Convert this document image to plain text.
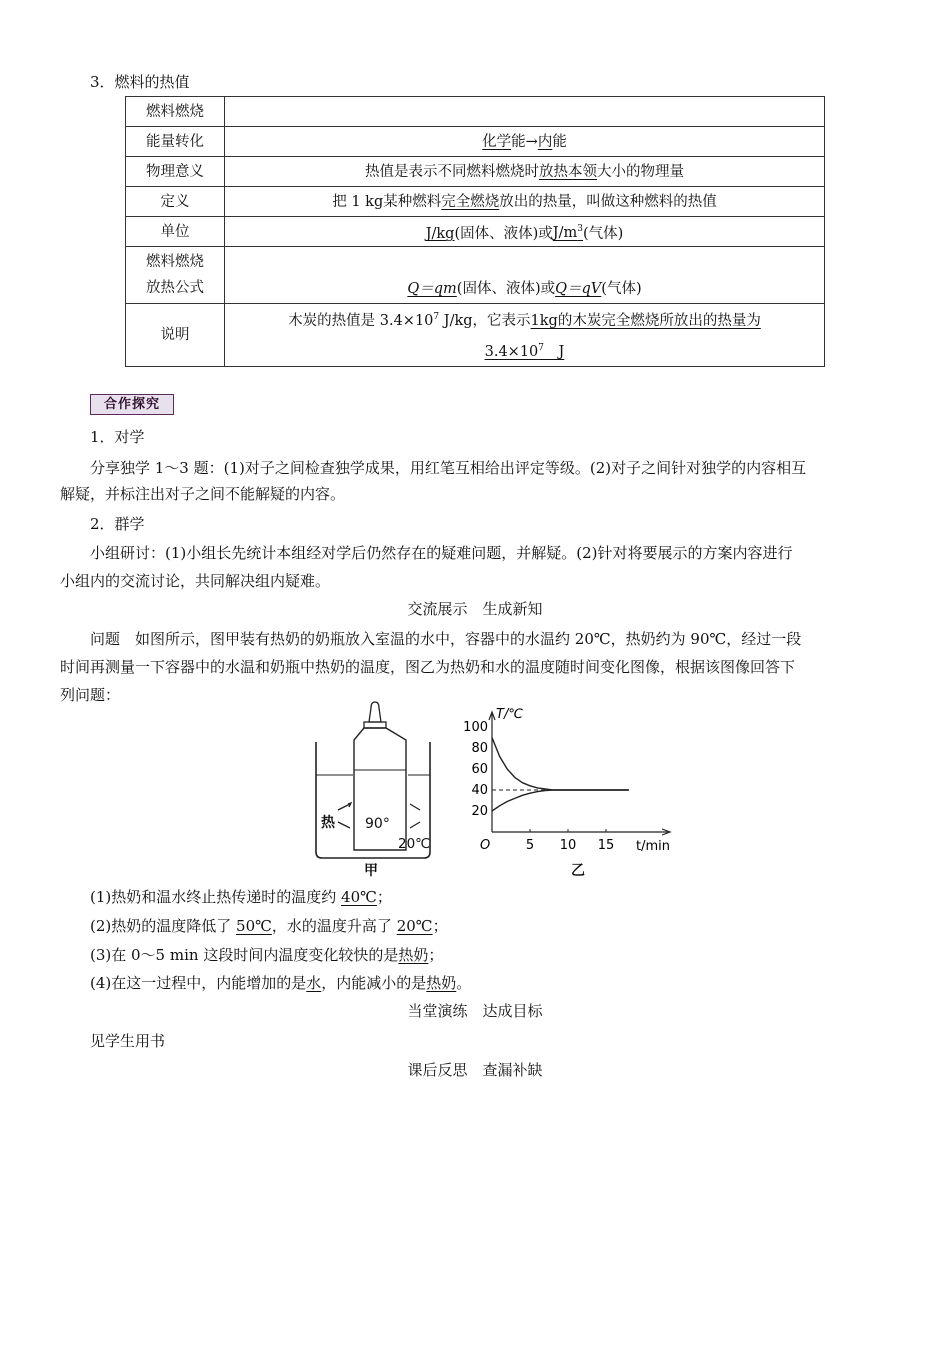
3．燃料的热值
燃料燃烧	
能量转化	化学能→内能
物理意义	热值是表示不同燃料燃烧时放热本领大小的物理量
定义	把 1 kg某种燃料完全燃烧放出的热量，叫做这种燃料的热值
单位	J/kg(固体、液体)或$J/m^3$(气体)

燃料燃烧
放热公式	Q＝qm(固体、液体)或Q＝qV(气体)
说明	木炭的热值是 $3.4\times 10^7$ J/kg，它表示1kg的木炭完全燃烧所放出的热量为
$3.4\times 10^7$　J
合作探究
1．对学
分享独学 1～3 题：(1)对子之间检查独学成果，用红笔互相给出评定等级。(2)对子之间针对独学的内容相互
解疑，并标注出对子之间不能解疑的内容。
2．群学
小组研讨：(1)小组长先统计本组经对学后仍然存在的疑难问题，并解疑。(2)针对将要展示的方案内容进行
小组内的交流讨论，共同解决组内疑难。
交流展示　生成新知
问题　如图所示，图甲装有热奶的奶瓶放入室温的水中，容器中的水温约 20℃，热奶约为 90℃，经过一段
时间再测量一下容器中的水温和奶瓶中热奶的温度，图乙为热奶和水的温度随时间变化图像，根据该图像回答下
列问题：
热 90°
20℃
甲
T/℃
t/min
O
100
80
60
40
20
5 10 15
乙
(1)热奶和温水终止热传递时的温度约 40℃；
(2)热奶的温度降低了 50℃，水的温度升高了 20℃；
(3)在 0～5 min 这段时间内温度变化较快的是热奶；
(4)在这一过程中，内能增加的是水，内能减小的是热奶。
当堂演练　达成目标
见学生用书
课后反思　查漏补缺
